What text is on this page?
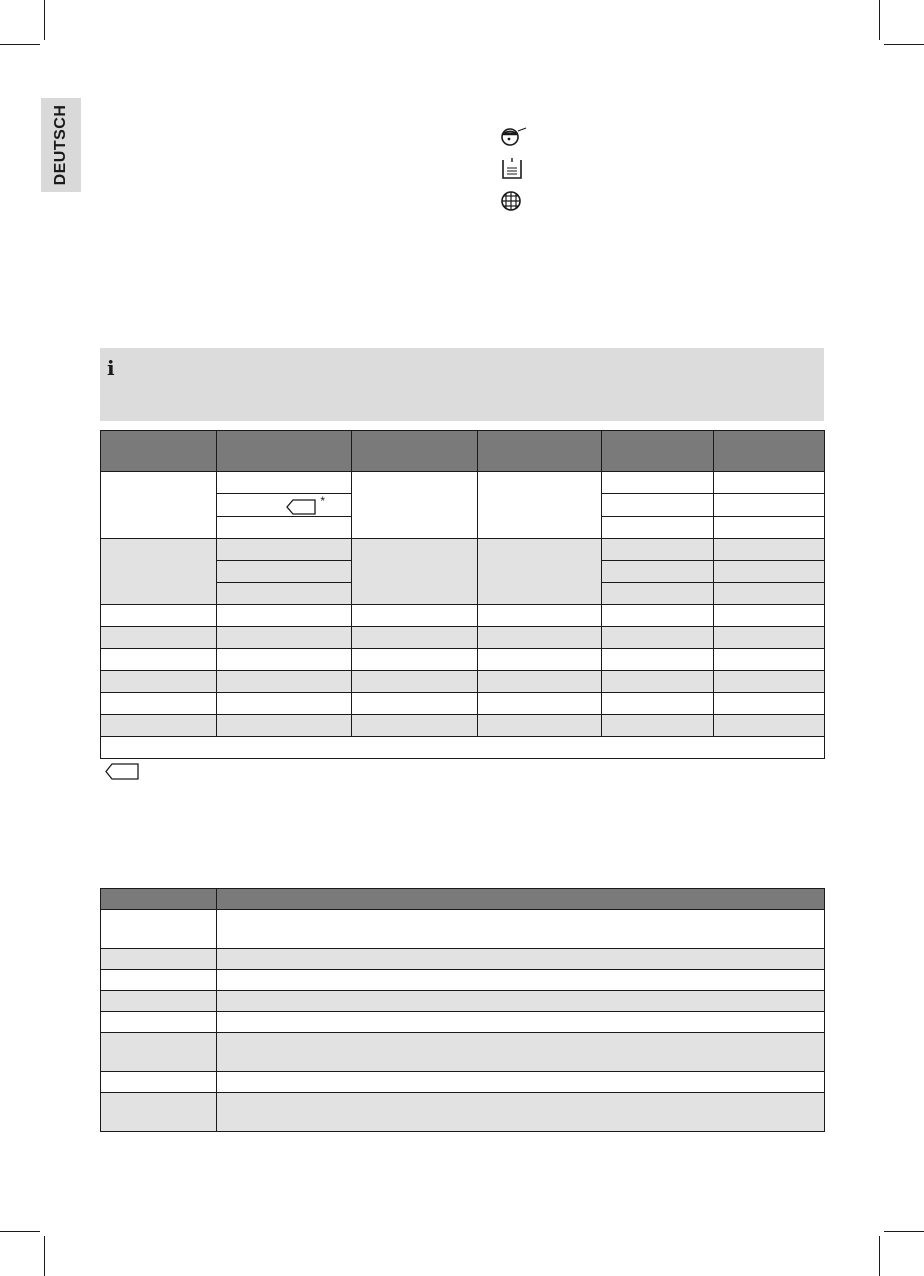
DEUTSCH
i

	*		
